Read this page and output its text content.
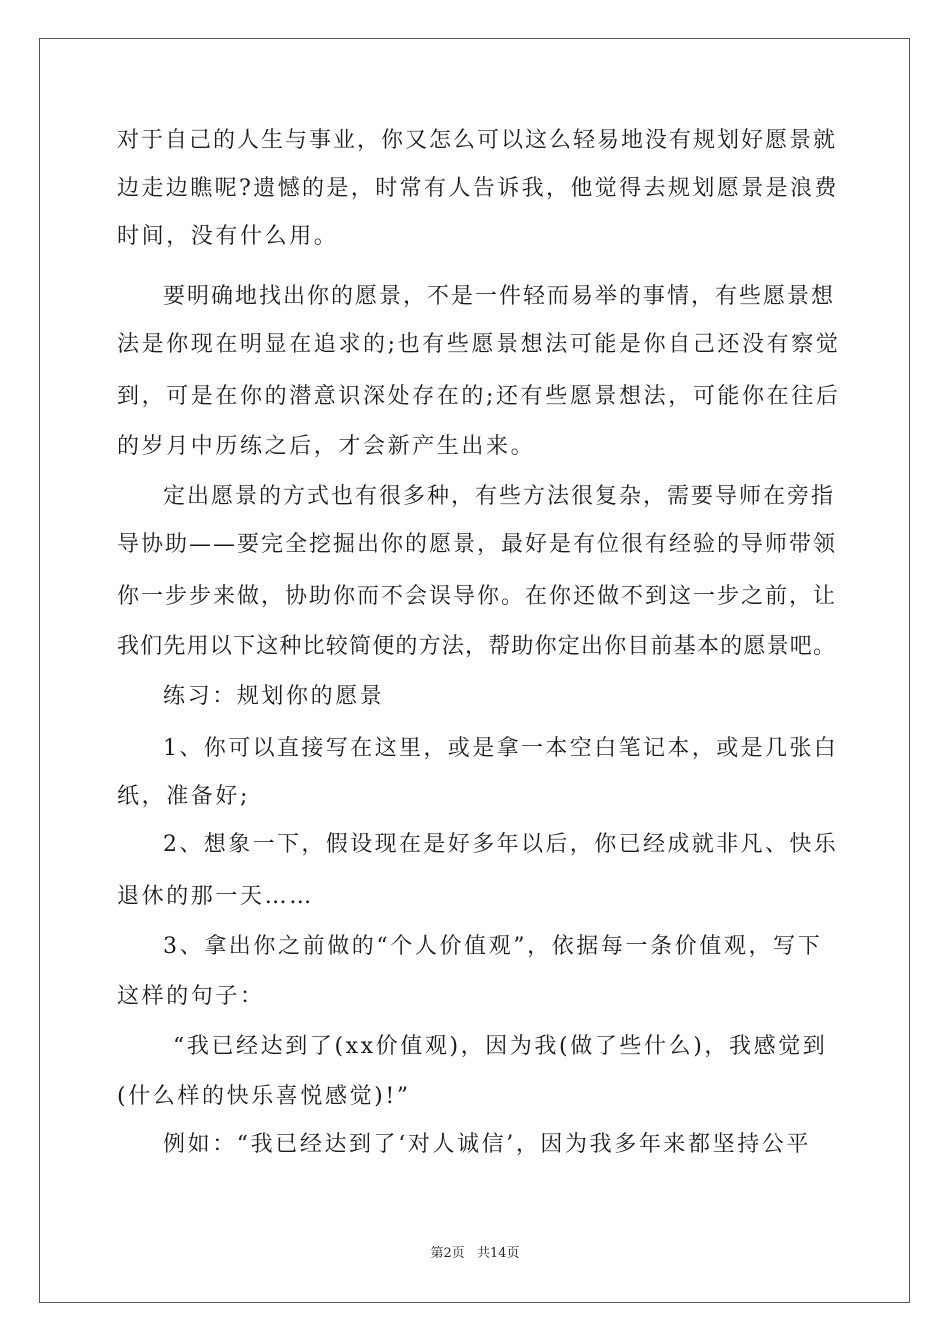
对于自己的人生与事业，你又怎么可以这么轻易地没有规划好愿景就
边走边瞧呢?遗憾的是，时常有人告诉我，他觉得去规划愿景是浪费
时间，没有什么用。
要明确地找出你的愿景，不是一件轻而易举的事情，有些愿景想
法是你现在明显在追求的;也有些愿景想法可能是你自己还没有察觉
到，可是在你的潜意识深处存在的;还有些愿景想法，可能你在往后
的岁月中历练之后，才会新产生出来。
定出愿景的方式也有很多种，有些方法很复杂，需要导师在旁指
导协助——要完全挖掘出你的愿景，最好是有位很有经验的导师带领
你一步步来做，协助你而不会误导你。在你还做不到这一步之前，让
我们先用以下这种比较简便的方法，帮助你定出你目前基本的愿景吧。
练习：规划你的愿景
1、你可以直接写在这里，或是拿一本空白笔记本，或是几张白
纸，准备好;
2、想象一下，假设现在是好多年以后，你已经成就非凡、快乐
退休的那一天……
3、拿出你之前做的“个人价值观”，依据每一条价值观，写下
这样的句子：
“我已经达到了(xx价值观)，因为我(做了些什么)，我感觉到
(什么样的快乐喜悦感觉)!”
例如：“我已经达到了‘对人诚信’，因为我多年来都坚持公平
第2页 共14页
